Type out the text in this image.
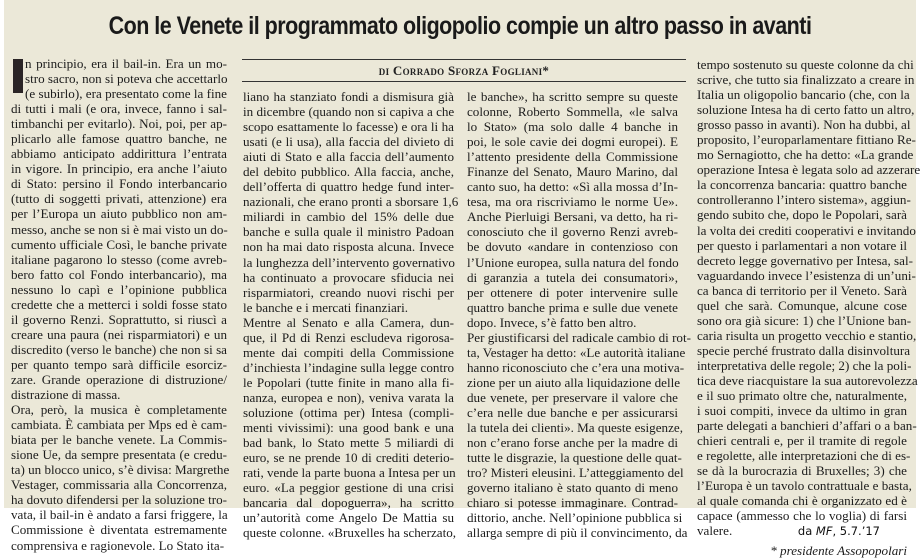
Con le Venete il programmato oligopolio compie un altro passo in avanti
di Corrado Sforza Fogliani*
n principio, era il bail-in. Era un mo-
stro sacro, non si poteva che accettarlo
(e subirlo), era presentato come la fine
di tutti i mali (e ora, invece, fanno i sal-
timbanchi per evitarlo). Noi, poi, per ap-
plicarlo alle famose quattro banche, ne
abbiamo anticipato addirittura l’entrata
in vigore. In principio, era anche l’aiuto
di Stato: persino il Fondo interbancario
(tutto di soggetti privati, attenzione) era
per l’Europa un aiuto pubblico non am-
messo, anche se non si è mai visto un do-
cumento ufficiale Così, le banche private
italiane pagarono lo stesso (come avreb-
bero fatto col Fondo interbancario), ma
nessuno lo capì e l’opinione pubblica
credette che a metterci i soldi fosse stato
il governo Renzi. Soprattutto, si riuscì a
creare una paura (nei risparmiatori) e un
discredito (verso le banche) che non si sa
per quanto tempo sarà difficile esorciz-
zare. Grande operazione di distruzione/
distrazione di massa.
Ora, però, la musica è completamente
cambiata. È cambiata per Mps ed è cam-
biata per le banche venete. La Commis-
sione Ue, da sempre presentata (e credu-
ta) un blocco unico, s’è divisa: Margrethe
Vestager, commissaria alla Concorrenza,
ha dovuto difendersi per la soluzione tro-
vata, il bail-in è andato a farsi friggere, la
Commissione è diventata estremamente
comprensiva e ragionevole. Lo Stato ita-
liano ha stanziato fondi a dismisura già
in dicembre (quando non si capiva a che
scopo esattamente lo facesse) e ora li ha
usati (e li usa), alla faccia del divieto di
aiuti di Stato e alla faccia dell’aumento
del debito pubblico. Alla faccia, anche,
dell’offerta di quattro hedge fund inter-
nazionali, che erano pronti a sborsare 1,6
miliardi in cambio del 15% delle due
banche e sulla quale il ministro Padoan
non ha mai dato risposta alcuna. Invece
la lunghezza dell’intervento governativo
ha continuato a provocare sfiducia nei
risparmiatori, creando nuovi rischi per
le banche e i mercati finanziari.
Mentre al Senato e alla Camera, dun-
que, il Pd di Renzi escludeva rigorosa-
mente dai compiti della Commissione
d’inchiesta l’indagine sulla legge contro
le Popolari (tutte finite in mano alla fi-
nanza, europea e non), veniva varata la
soluzione (ottima per) Intesa (compli-
menti vivissimi): una good bank e una
bad bank, lo Stato mette 5 miliardi di
euro, se ne prende 10 di crediti deterio-
rati, vende la parte buona a Intesa per un
euro. «La peggior gestione di una crisi
bancaria dal dopoguerra», ha scritto
un’autorità come Angelo De Mattia su
queste colonne. «Bruxelles ha scherzato,
le banche», ha scritto sempre su queste
colonne, Roberto Sommella, «le salva
lo Stato» (ma solo dalle 4 banche in
poi, le sole cavie dei dogmi europei). E
l’attento presidente della Commissione
Finanze del Senato, Mauro Marino, dal
canto suo, ha detto: «Sì alla mossa d’In-
tesa, ma ora riscriviamo le norme Ue».
Anche Pierluigi Bersani, va detto, ha ri-
conosciuto che il governo Renzi avreb-
be dovuto «andare in contenzioso con
l’Unione europea, sulla natura del fondo
di garanzia a tutela dei consumatori»,
per ottenere di poter intervenire sulle
quattro banche prima e sulle due venete
dopo. Invece, s’è fatto ben altro.
Per giustificarsi del radicale cambio di rot-
ta, Vestager ha detto: «Le autorità italiane
hanno riconosciuto che c’era una motiva-
zione per un aiuto alla liquidazione delle
due venete, per preservare il valore che
c’era nelle due banche e per assicurarsi
la tutela dei clienti». Ma queste esigenze,
non c’erano forse anche per la madre di
tutte le disgrazie, la questione delle quat-
tro? Misteri eleusini. L’atteggiamento del
governo italiano è stato quanto di meno
chiaro si potesse immaginare. Contrad-
dittorio, anche. Nell’opinione pubblica si
allarga sempre di più il convincimento, da
tempo sostenuto su queste colonne da chi
scrive, che tutto sia finalizzato a creare in
Italia un oligopolio bancario (che, con la
soluzione Intesa ha di certo fatto un altro,
grosso passo in avanti). Non ha dubbi, al
proposito, l’europarlamentare fittiano Re-
mo Sernagiotto, che ha detto: «La grande
operazione Intesa è legata solo ad azzerare
la concorrenza bancaria: quattro banche
controlleranno l’intero sistema», aggiun-
gendo subito che, dopo le Popolari, sarà
la volta dei crediti cooperativi e invitando
per questo i parlamentari a non votare il
decreto legge governativo per Intesa, sal-
vaguardando invece l’esistenza di un’uni-
ca banca di territorio per il Veneto. Sarà
quel che sarà. Comunque, alcune cose
sono ora già sicure: 1) che l’Unione ban-
caria risulta un progetto vecchio e stantio,
specie perché frustrato dalla disinvoltura
interpretativa delle regole; 2) che la poli-
tica deve riacquistare la sua autorevolezza
e il suo primato oltre che, naturalmente,
i suoi compiti, invece da ultimo in gran
parte delegati a banchieri d’affari o a ban-
chieri centrali e, per il tramite di regole
e regolette, alle interpretazioni che di es-
se dà la burocrazia di Bruxelles; 3) che
l’Europa è un tavolo contrattuale e basta,
al quale comanda chi è organizzato ed è
capace (ammesso che lo voglia) di farsi
valere.
* presidente Assopopolari
da MF, 5.7.’17
